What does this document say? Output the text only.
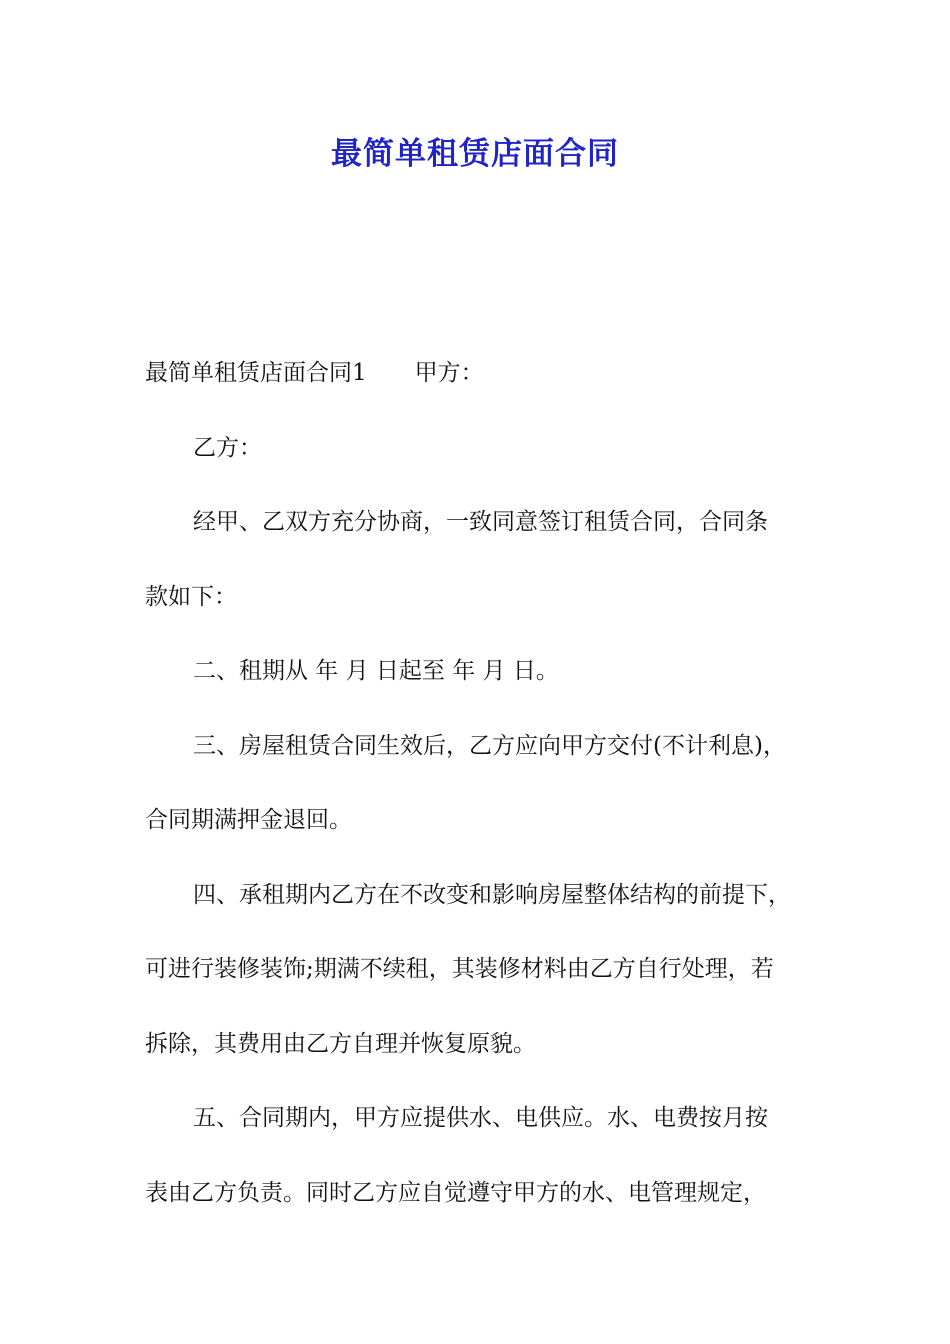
最简单租赁店面合同
最简单租赁店面合同1 甲方：
乙方：
经甲、乙双方充分协商，一致同意签订租赁合同，合同条
款如下：
二、租期从 年 月 日起至 年 月 日。
三、房屋租赁合同生效后，乙方应向甲方交付(不计利息)，
合同期满押金退回。
四、承租期内乙方在不改变和影响房屋整体结构的前提下，
可进行装修装饰;期满不续租，其装修材料由乙方自行处理，若
拆除，其费用由乙方自理并恢复原貌。
五、合同期内，甲方应提供水、电供应。水、电费按月按
表由乙方负责。同时乙方应自觉遵守甲方的水、电管理规定，
